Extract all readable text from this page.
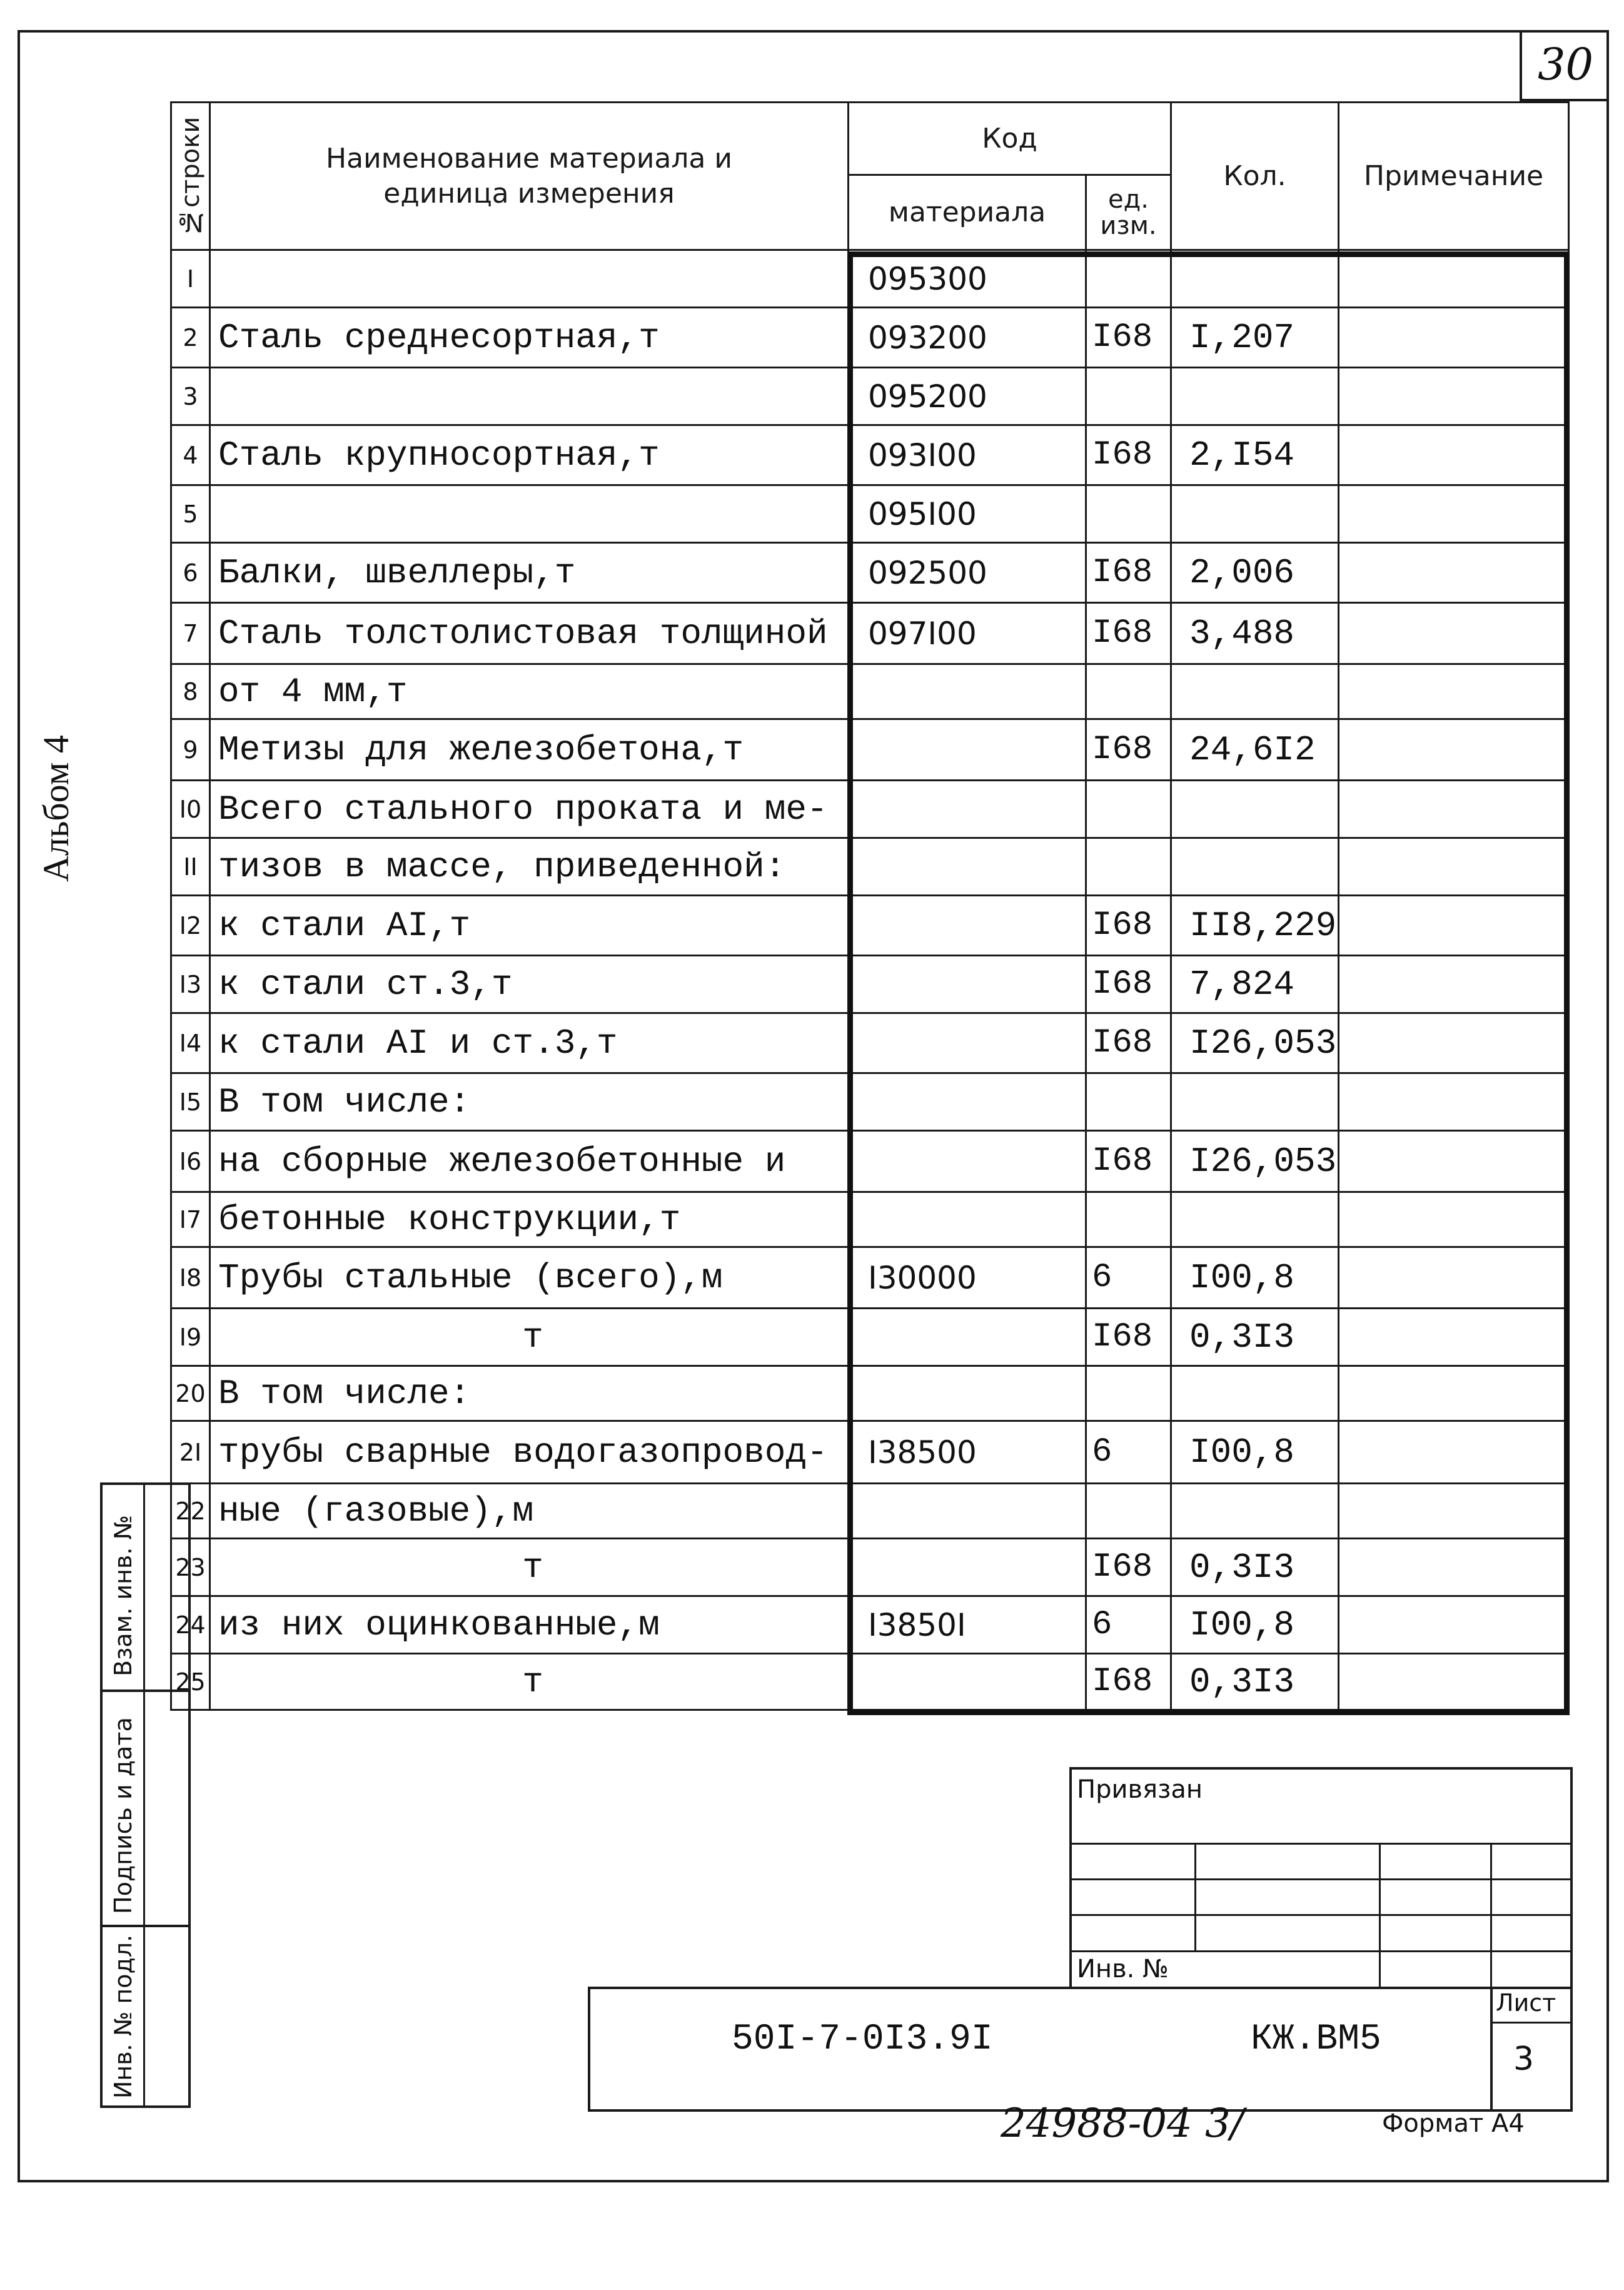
30
Альбом 4
№строки	Наименование материала и единица измерения	Код		Кол.	Примечание
		материала	ед. изм.		

I		095300			
2	Сталь среднесортная,т	093200	I68	I,207	
3		095200			
4	Сталь крупносортная,т	093I00	I68	2,I54	
5		095I00			
6	Балки, швеллеры,т	092500	I68	2,006	
7	Сталь толстолистовая толщиной	097I00	I68	3,488	
8	от 4 мм,т				
9	Метизы для железобетона,т		I68	24,6I2	
I0	Всего стального проката и ме-				
II	тизов в массе, приведенной:				
I2	к стали AI,т		I68	II8,229	
I3	к стали ст.3,т		I68	7,824	
I4	к стали AI и ст.3,т		I68	I26,053	
I5	В том числе:				
I6	на сборные железобетонные и		I68	I26,053	
I7	бетонные конструкции,т				
I8	Трубы стальные (всего),м	I30000	6	I00,8	
I9	т		I68	0,3I3	
20	В том числе:				
2I	трубы сварные водогазопровод-	I38500	6	I00,8	
22	ные (газовые),м				
23	т		I68	0,3I3	
24	из них оцинкованные,м	I3850I	6	I00,8	
25	т		I68	0,3I3	
Взам. инв. №
Подпись и дата
Инв. № подл.
Привязан
Инв. №
50I-7-0I3.9I	КЖ.ВМ5
Лист
3
24988-04 3/	Формат А4
